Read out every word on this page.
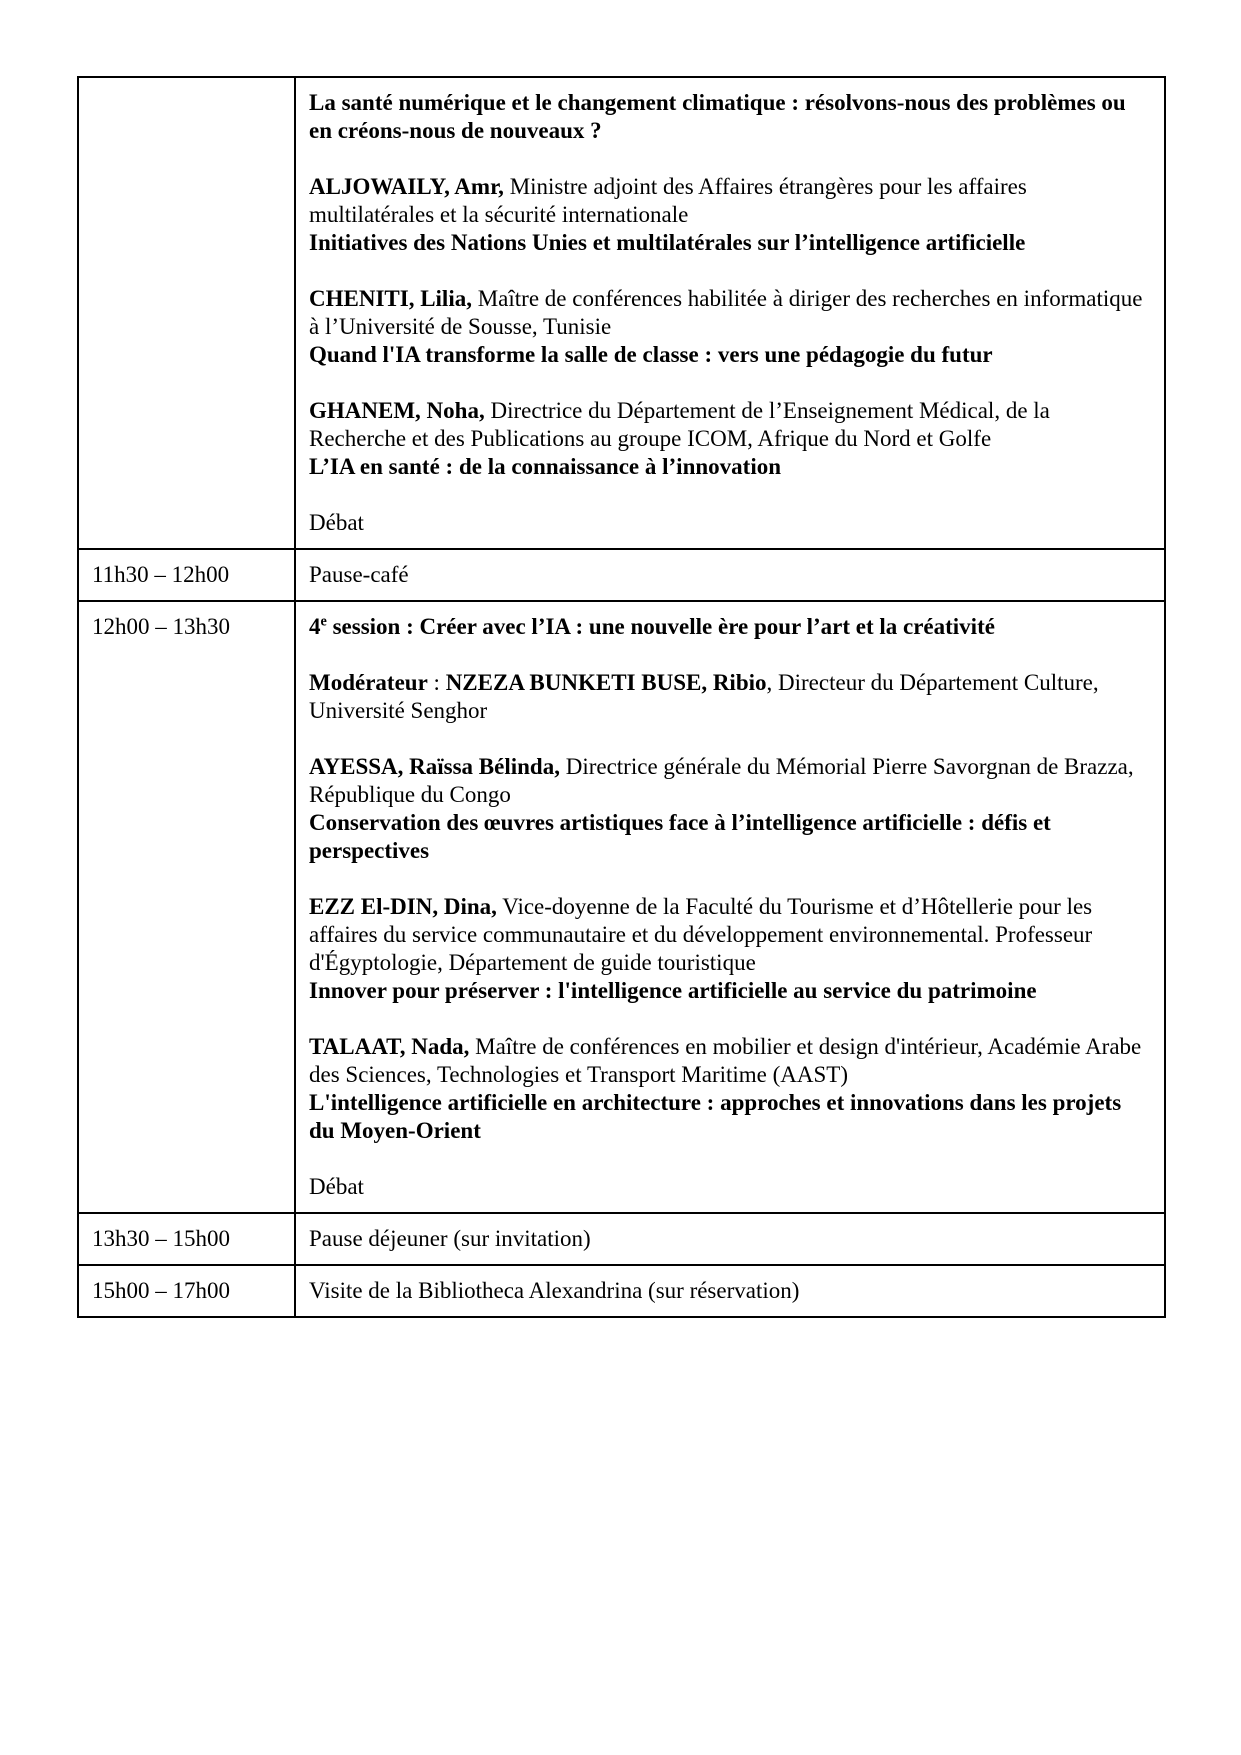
La santé numérique et le changement climatique : résolvons-nous des problèmes ou en créons-nous de nouveaux ?

ALJOWAILY, Amr, Ministre adjoint des Affaires étrangères pour les affaires multilatérales et la sécurité internationale
Initiatives des Nations Unies et multilatérales sur l’intelligence artificielle

CHENITI, Lilia, Maître de conférences habilitée à diriger des recherches en informatique à l’Université de Sousse, Tunisie
Quand l'IA transforme la salle de classe : vers une pédagogie du futur

GHANEM, Noha, Directrice du Département de l’Enseignement Médical, de la Recherche et des Publications au groupe ICOM, Afrique du Nord et Golfe
L’IA en santé : de la connaissance à l’innovation

Débat

11h30 – 12h00	Pause-café

12h00 – 13h30	4e session : Créer avec l’IA : une nouvelle ère pour l’art et la créativité

Modérateur : NZEZA BUNKETI BUSE, Ribio, Directeur du Département Culture, Université Senghor

AYESSA, Raïssa Bélinda, Directrice générale du Mémorial Pierre Savorgnan de Brazza, République du Congo
Conservation des œuvres artistiques face à l’intelligence artificielle : défis et perspectives

EZZ El-DIN, Dina, Vice-doyenne de la Faculté du Tourisme et d’Hôtellerie pour les affaires du service communautaire et du développement environnemental. Professeur d'Égyptologie, Département de guide touristique
Innover pour préserver : l'intelligence artificielle au service du patrimoine

TALAAT, Nada, Maître de conférences en mobilier et design d'intérieur, Académie Arabe des Sciences, Technologies et Transport Maritime (AAST)
L'intelligence artificielle en architecture : approches et innovations dans les projets du Moyen-Orient

Débat

13h30 – 15h00	Pause déjeuner (sur invitation)

15h00 – 17h00	Visite de la Bibliotheca Alexandrina (sur réservation)
